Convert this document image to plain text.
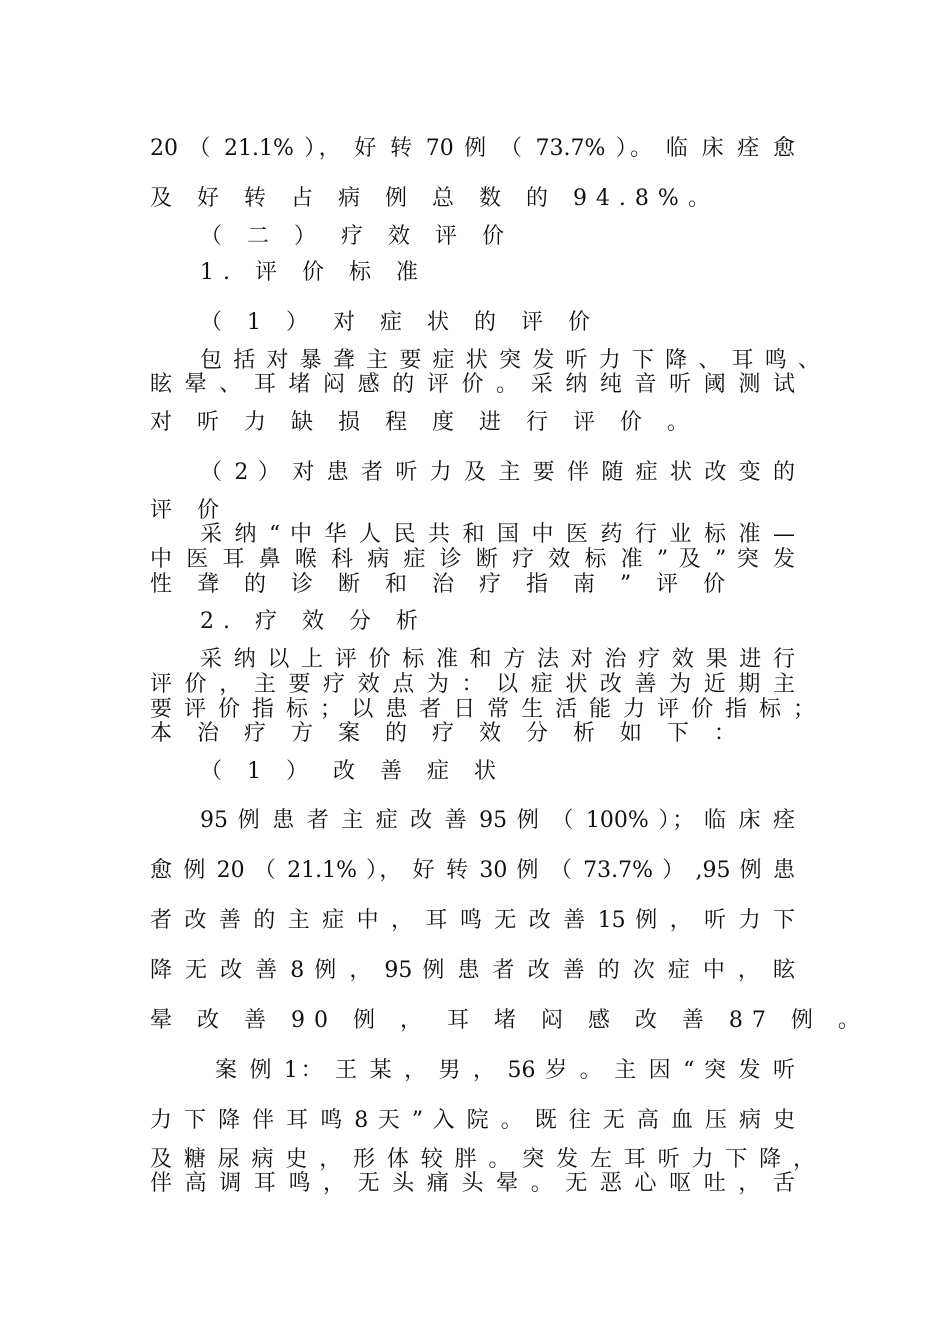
20 （ 21.1% ）， 好 转 70 例 （ 73.7% ）。 临 床 痊 愈
及 好 转 占 病 例 总 数 的 94.8%。
（ 二 ） 疗 效 评 价
1. 评 价 标 准
（ 1 ） 对 症 状 的 评 价
包 括 对 暴 聋 主 要 症 状 突 发 听 力 下 降 、 耳 鸣 、
眩 晕 、 耳 堵 闷 感 的 评 价 。 采 纳 纯 音 听 阈 测 试
对 听 力 缺 损 程 度 进 行 评 价 。
（ 2 ） 对 患 者 听 力 及 主 要 伴 随 症 状 改 变 的
评 价
采 纳 “ 中 华 人 民 共 和 国 中 医 药 行 业 标 准 —
中 医 耳 鼻 喉 科 病 症 诊 断 疗 效 标 准 ” 及 ” 突 发
性 聋 的 诊 断 和 治 疗 指 南 ” 评 价
2. 疗 效 分 析
采 纳 以 上 评 价 标 准 和 方 法 对 治 疗 效 果 进 行
评 价 ， 主 要 疗 效 点 为 ： 以 症 状 改 善 为 近 期 主
要 评 价 指 标 ； 以 患 者 日 常 生 活 能 力 评 价 指 标 ；
本 治 疗 方 案 的 疗 效 分 析 如 下 ：
（ 1 ） 改 善 症 状
95 例 患 者 主 症 改 善 95 例 （ 100% ）； 临 床 痊
愈 例 20 （ 21.1% ）， 好 转 30 例 （ 73.7% ） ,95 例 患
者 改 善 的 主 症 中 ， 耳 鸣 无 改 善 15 例 ， 听 力 下
降 无 改 善 8 例 ， 95 例 患 者 改 善 的 次 症 中 ， 眩
晕 改 善 90 例 ， 耳 堵 闷 感 改 善 87 例 。
案 例 1： 王 某 ， 男 ， 56 岁 。 主 因 “ 突 发 听
力 下 降 伴 耳 鸣 8 天 ” 入 院 。 既 往 无 高 血 压 病 史
及 糖 尿 病 史 ， 形 体 较 胖 。 突 发 左 耳 听 力 下 降 ，
伴 高 调 耳 鸣 ， 无 头 痛 头 晕 。 无 恶 心 呕 吐 ， 舌
